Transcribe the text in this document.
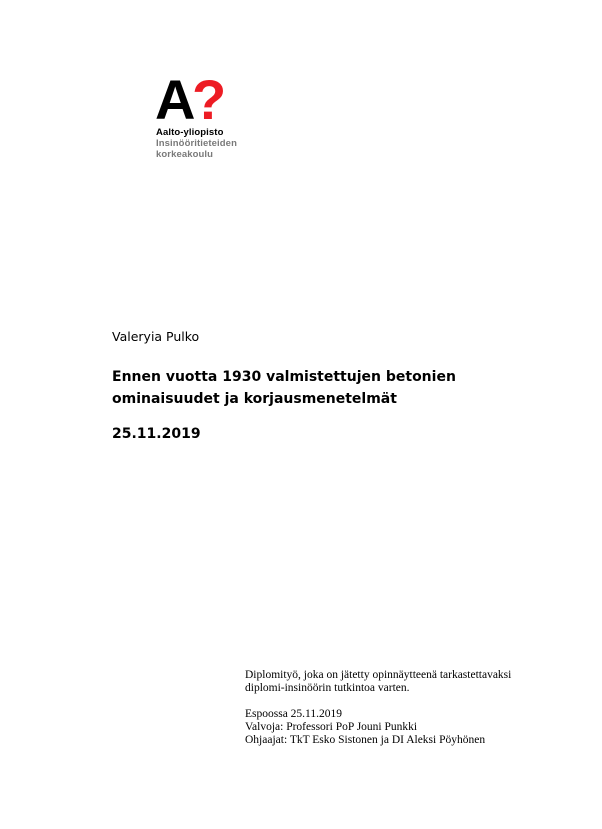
A
?
Aalto-yliopisto
Insinööritieteiden
korkeakoulu
Valeryia Pulko
Ennen vuotta 1930 valmistettujen betonien ominaisuudet ja korjausmenetelmät
25.11.2019
Diplomityö, joka on jätetty opinnäytteenä tarkastettavaksi
diplomi-insinöörin tutkintoa varten.
Espoossa 25.11.2019
Valvoja: Professori PoP Jouni Punkki
Ohjaajat: TkT Esko Sistonen ja DI Aleksi Pöyhönen
